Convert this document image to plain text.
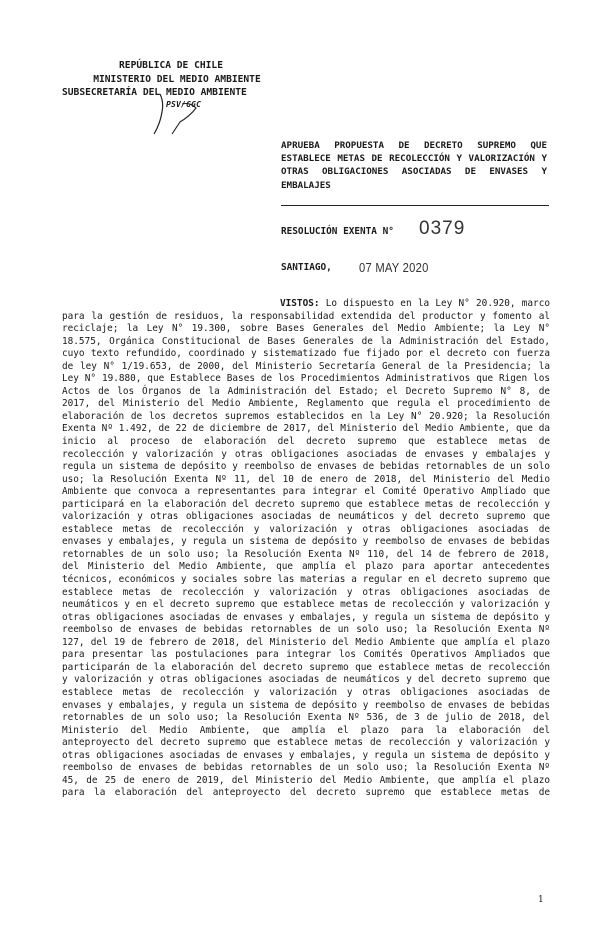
REPÚBLICA DE CHILE
MINISTERIO DEL MEDIO AMBIENTE
SUBSECRETARÍA DEL MEDIO AMBIENTE
PSV/GGC
APRUEBA PROPUESTA DE DECRETO SUPREMO QUE ESTABLECE METAS DE RECOLECCIÓN Y VALORIZACIÓN Y OTRAS OBLIGACIONES ASOCIADAS DE ENVASES Y EMBALAJES
RESOLUCIÓN EXENTA N° 0379
SANTIAGO, 07 MAY 2020

VISTOS: Lo dispuesto en la Ley N° 20.920, marco para la gestión de residuos, la responsabilidad extendida del productor y fomento al reciclaje; la Ley N° 19.300, sobre Bases Generales del Medio Ambiente; la Ley N° 18.575, Orgánica Constitucional de Bases Generales de la Administración del Estado, cuyo texto refundido, coordinado y sistematizado fue fijado por el decreto con fuerza de ley N° 1/19.653, de 2000, del Ministerio Secretaría General de la Presidencia; la Ley N° 19.880, que Establece Bases de los Procedimientos Administrativos que Rigen los Actos de los Órganos de la Administración del Estado; el Decreto Supremo N° 8, de 2017, del Ministerio del Medio Ambiente, Reglamento que regula el procedimiento de elaboración de los decretos supremos establecidos en la Ley N° 20.920; la Resolución Exenta Nº 1.492, de 22 de diciembre de 2017, del Ministerio del Medio Ambiente, que da inicio al proceso de elaboración del decreto supremo que establece metas de recolección y valorización y otras obligaciones asociadas de envases y embalajes y regula un sistema de depósito y reembolso de envases de bebidas retornables de un solo uso; la Resolución Exenta Nº 11, del 10 de enero de 2018, del Ministerio del Medio Ambiente que convoca a representantes para integrar el Comité Operativo Ampliado que participará en la elaboración del decreto supremo que establece metas de recolección y valorización y otras obligaciones asociadas de neumáticos y del decreto supremo que establece metas de recolección y valorización y otras obligaciones asociadas de envases y embalajes, y regula un sistema de depósito y reembolso de envases de bebidas retornables de un solo uso; la Resolución Exenta Nº 110, del 14 de febrero de 2018, del Ministerio del Medio Ambiente, que amplía el plazo para aportar antecedentes técnicos, económicos y sociales sobre las materias a regular en el decreto supremo que establece metas de recolección y valorización y otras obligaciones asociadas de neumáticos y en el decreto supremo que establece metas de recolección y valorización y otras obligaciones asociadas de envases y embalajes, y regula un sistema de depósito y reembolso de envases de bebidas retornables de un solo uso; la Resolución Exenta Nº 127, del 19 de febrero de 2018, del Ministerio del Medio Ambiente que amplía el plazo para presentar las postulaciones para integrar los Comités Operativos Ampliados que participarán de la elaboración del decreto supremo que establece metas de recolección y valorización y otras obligaciones asociadas de neumáticos y del decreto supremo que establece metas de recolección y valorización y otras obligaciones asociadas de envases y embalajes, y regula un sistema de depósito y reembolso de envases de bebidas retornables de un solo uso; la Resolución Exenta Nº 536, de 3 de julio de 2018, del Ministerio del Medio Ambiente, que amplía el plazo para la elaboración del anteproyecto del decreto supremo que establece metas de recolección y valorización y otras obligaciones asociadas de envases y embalajes, y regula un sistema de depósito y reembolso de envases de bebidas retornables de un solo uso; la Resolución Exenta Nº 45, de 25 de enero de 2019, del Ministerio del Medio Ambiente, que amplía el plazo para la elaboración del anteproyecto del decreto supremo que establece metas de

1
